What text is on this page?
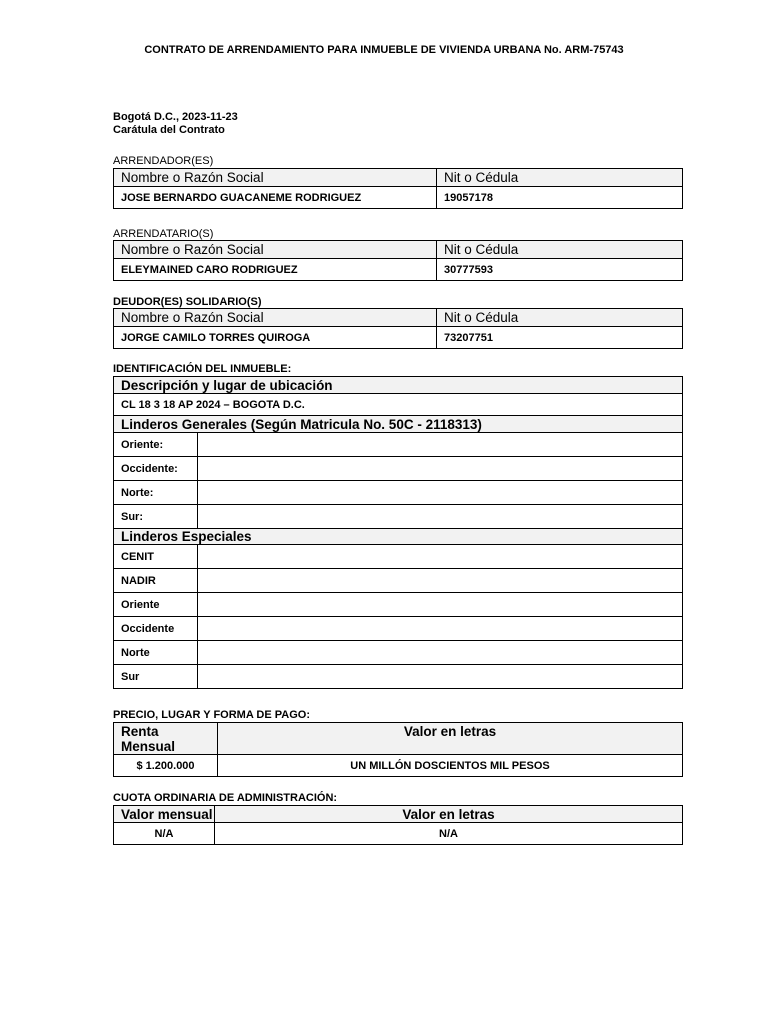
CONTRATO DE ARRENDAMIENTO PARA INMUEBLE DE VIVIENDA URBANA No. ARM-75743
Bogotá D.C., 2023-11-23
Carátula del Contrato
ARRENDADOR(ES)
Nombre o Razón Social	Nit o Cédula
JOSE BERNARDO GUACANEME RODRIGUEZ	19057178
ARRENDATARIO(S)
Nombre o Razón Social	Nit o Cédula
ELEYMAINED CARO RODRIGUEZ	30777593
DEUDOR(ES) SOLIDARIO(S)
Nombre o Razón Social	Nit o Cédula
JORGE CAMILO TORRES QUIROGA	73207751
IDENTIFICACIÓN DEL INMUEBLE:
Descripción y lugar de ubicación	
CL 18 3 18 AP 2024 – BOGOTA D.C.	
Linderos Generales (Según Matricula No. 50C - 2118313)	
Oriente:	
Occidente:	
Norte:	
Sur:	
Linderos Especiales	
CENIT	
NADIR	
Oriente	
Occidente	
Norte	
Sur	
PRECIO, LUGAR Y FORMA DE PAGO:
Renta
Mensual	Valor en letras
$ 1.200.000	UN MILLÓN DOSCIENTOS MIL PESOS
CUOTA ORDINARIA DE ADMINISTRACIÓN:
Valor mensual	Valor en letras
N/A	N/A
